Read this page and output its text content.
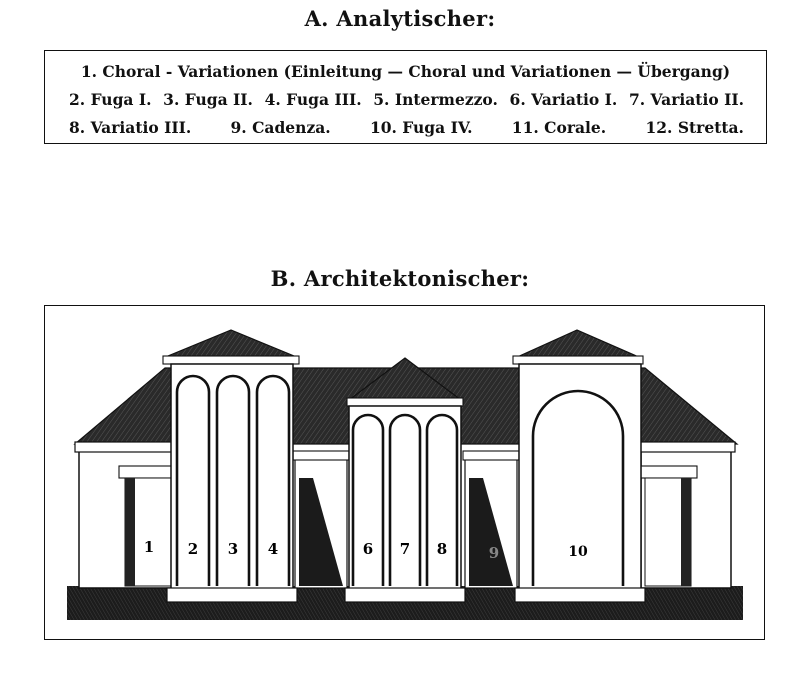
A. Analytischer:
1. Choral - Variationen (Einleitung — Choral und Variationen — Übergang)
2. Fuga I. 3. Fuga II. 4. Fuga III. 5. Intermezzo. 6. Variatio I. 7. Variatio II.
8. Variatio III.	9. Cadenza.	10. Fuga IV.	11. Corale.	12. Stretta.
B. Architektonischer:
1 2 3 4	6 7 8	9	10
